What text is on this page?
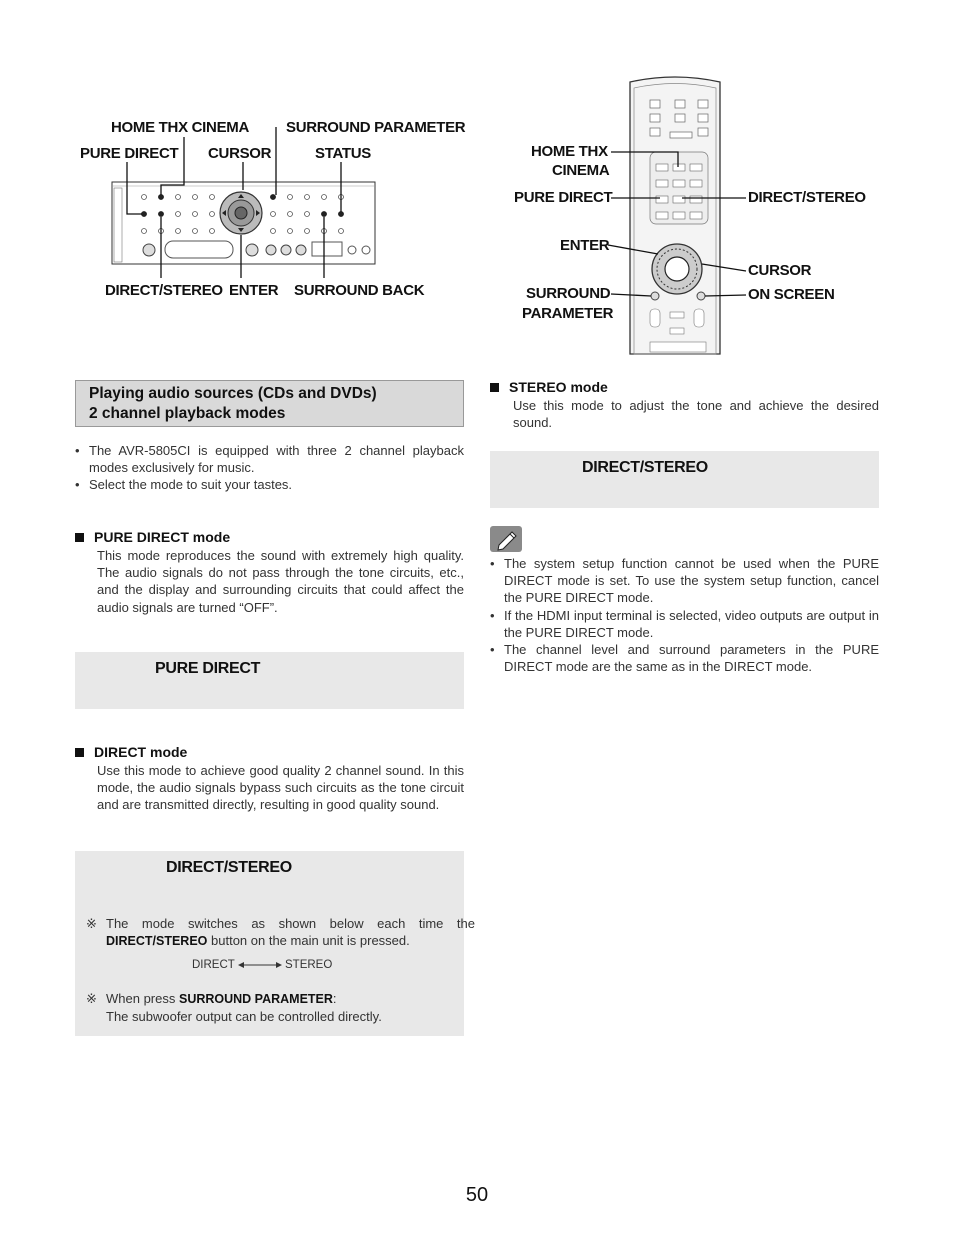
HOME THX CINEMA SURROUND PARAMETER
PURE DIRECT CURSOR	STATUS
DIRECT/STEREO ENTER SURROUND BACK
HOME THX
CINEMA
PURE DIRECT	DIRECT/STEREO
ENTER
CURSOR
SURROUND
PARAMETER
ON SCREEN
Playing audio sources (CDs and DVDs)
2 channel playback modes
• The AVR-5805CI is equipped with three 2 channel playback modes exclusively for music.
• Select the mode to suit your tastes.
PURE DIRECT mode
This mode reproduces the sound with extremely high quality. The audio signals do not pass through the tone circuits, etc., and the display and surrounding circuits that could affect the audio signals are turned “OFF”.
PURE DIRECT
DIRECT mode
Use this mode to achieve good quality 2 channel sound. In this mode, the audio signals bypass such circuits as the tone circuit and are transmitted directly, resulting in good quality sound.
DIRECT/STEREO
※ The mode switches as shown below each time the DIRECT/STEREO button on the main unit is pressed.
DIRECT	STEREO
※ When press SURROUND PARAMETER:
The subwoofer output can be controlled directly.
STEREO mode
Use this mode to adjust the tone and achieve the desired sound.
DIRECT/STEREO
• The system setup function cannot be used when the PURE DIRECT mode is set. To use the system setup function, cancel the PURE DIRECT mode.
• If the HDMI input terminal is selected, video outputs are output in the PURE DIRECT mode.
• The channel level and surround parameters in the PURE DIRECT mode are the same as in the DIRECT mode.
50
